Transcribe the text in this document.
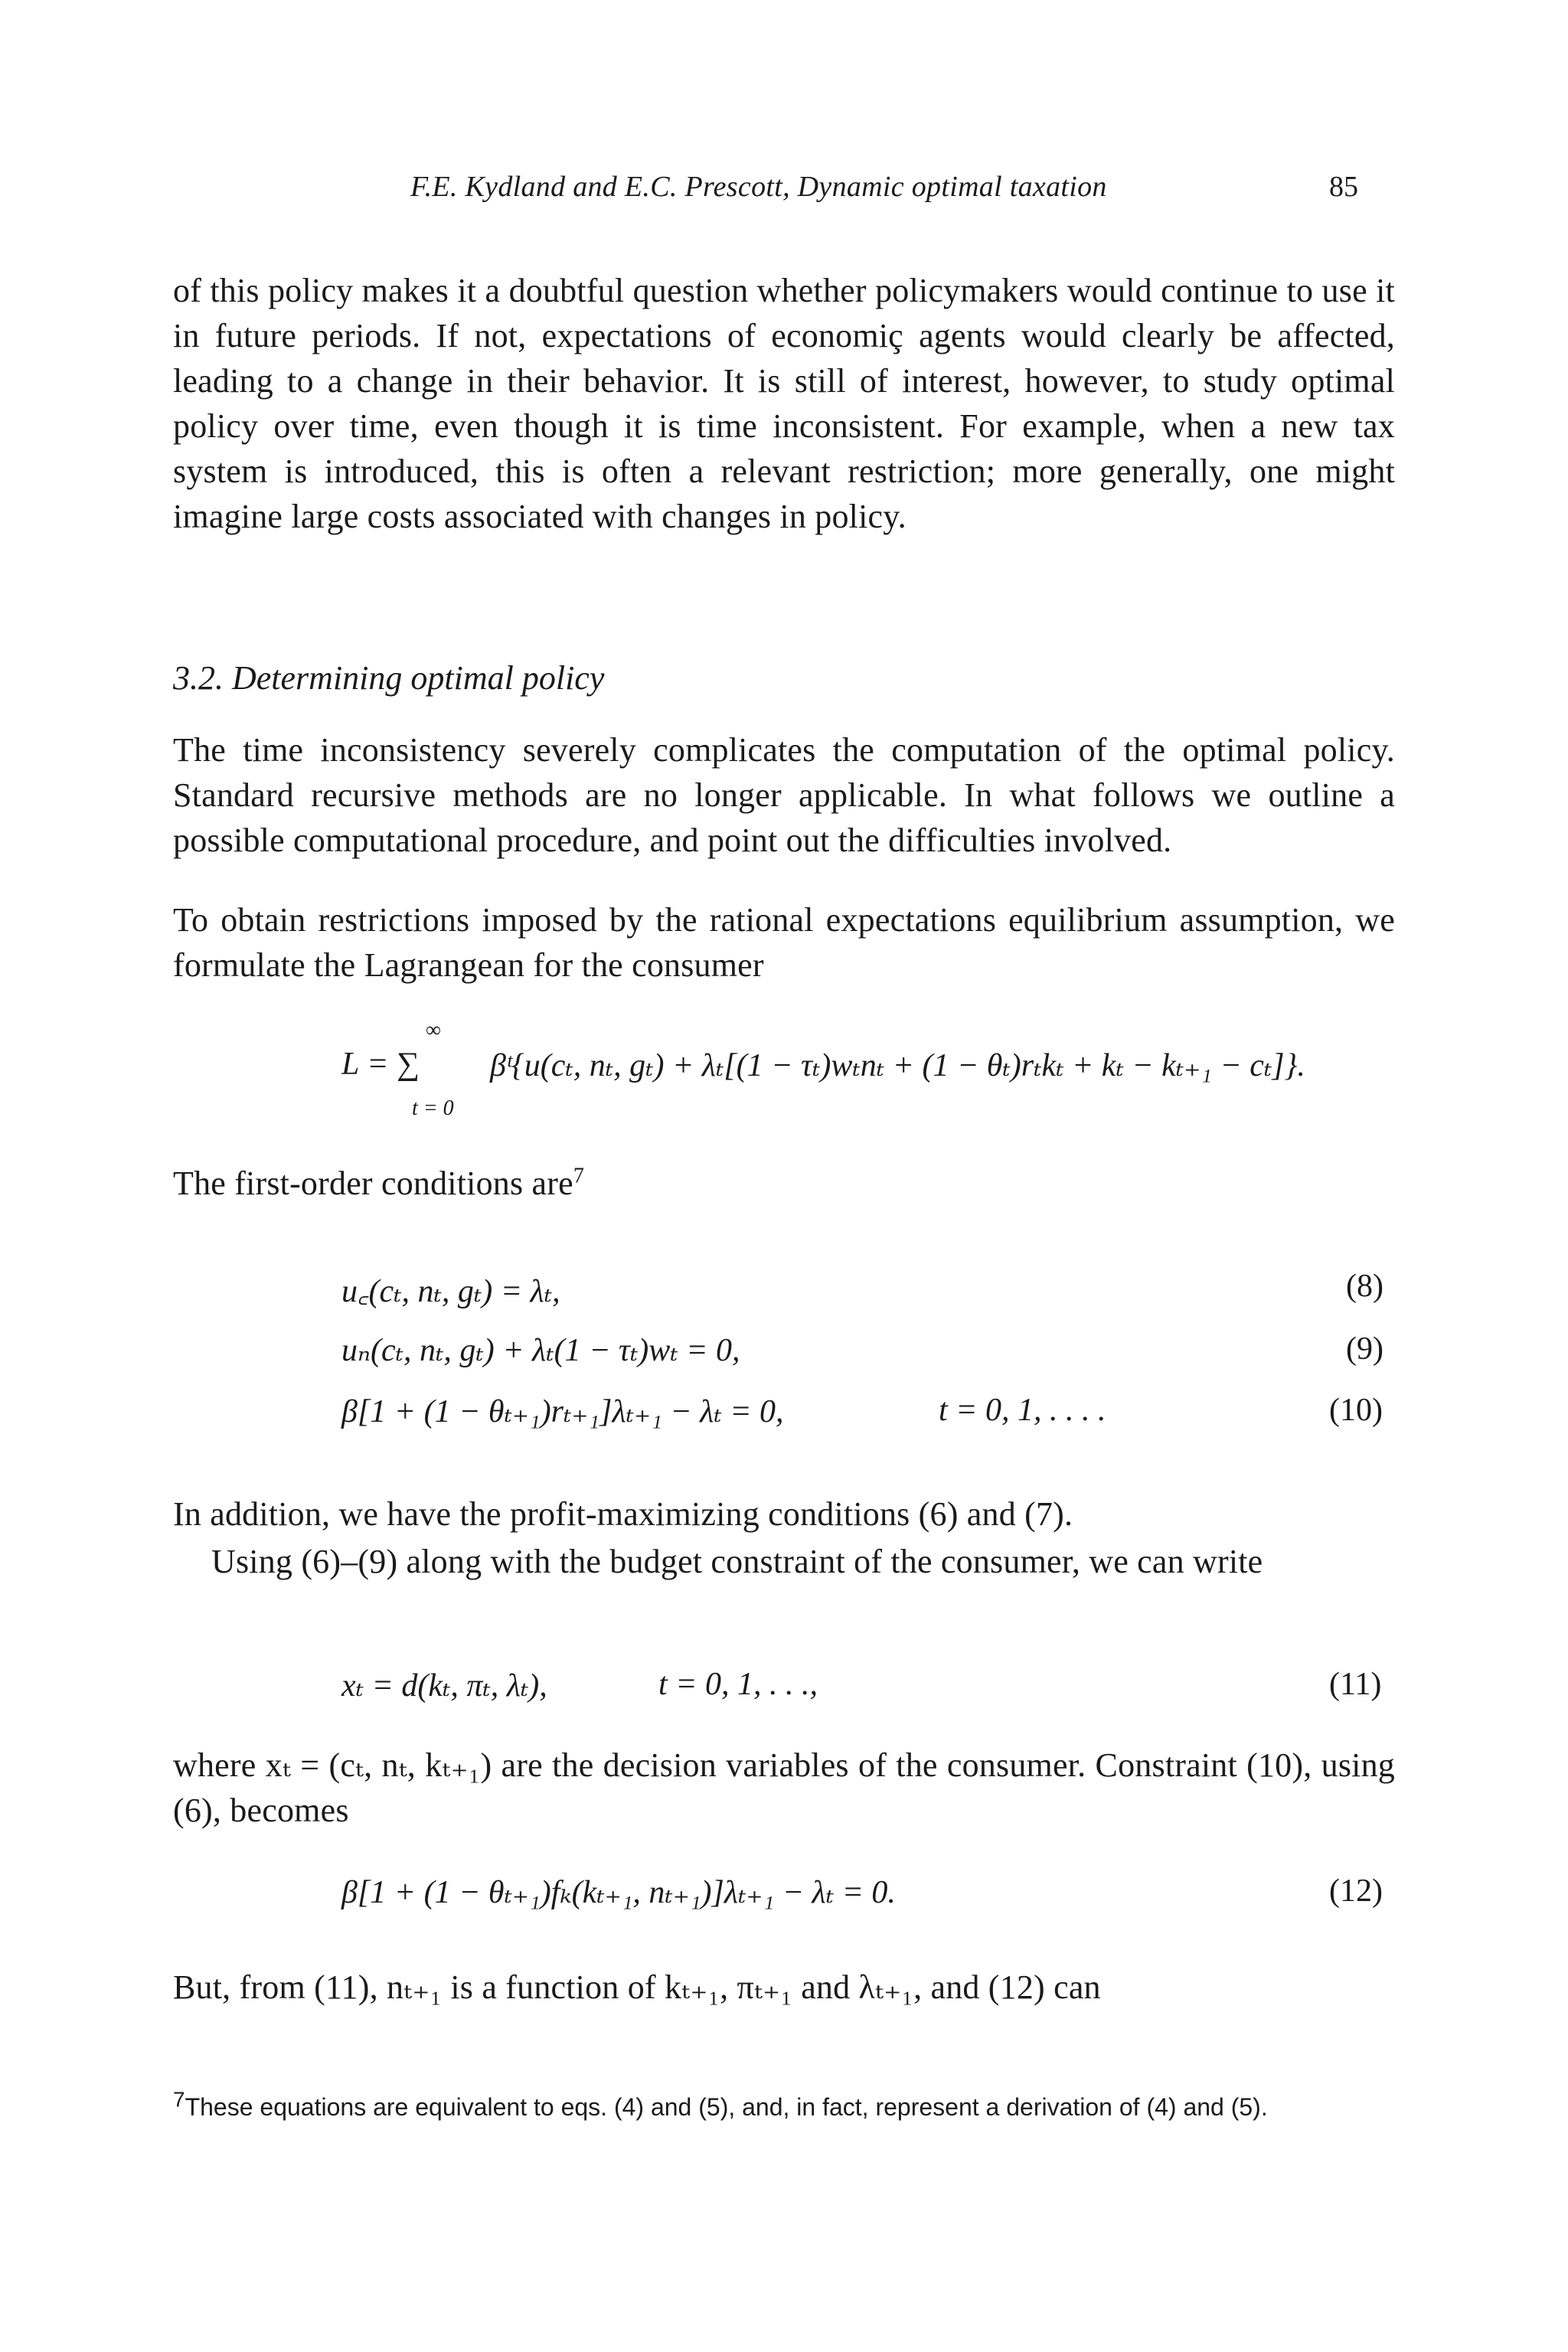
F.E. Kydland and E.C. Prescott, Dynamic optimal taxation	85

of this policy makes it a doubtful question whether policymakers would continue to use it in future periods. If not, expectations of economiç agents would clearly be affected, leading to a change in their behavior. It is still of interest, however, to study optimal policy over time, even though it is time inconsistent. For example, when a new tax system is introduced, this is often a relevant restriction; more generally, one might imagine large costs associated with changes in policy.

3.2. Determining optimal policy

The time inconsistency severely complicates the computation of the optimal policy. Standard recursive methods are no longer applicable. In what follows we outline a possible computational procedure, and point out the difficulties involved.

To obtain restrictions imposed by the rational expectations equilibrium assumption, we formulate the Lagrangean for the consumer

∞
L = ∑ βᵗ{u(cₜ, nₜ, gₜ) + λₜ[(1 − τₜ)wₜnₜ + (1 − θₜ)rₜkₜ + kₜ − kₜ₊₁ − cₜ]}.
t = 0

The first-order conditions are$^7$

u꜀(cₜ, nₜ, gₜ) = λₜ,	(8)
uₙ(cₜ, nₜ, gₜ) + λₜ(1 − τₜ)wₜ = 0,	(9)
β[1 + (1 − θₜ₊₁)rₜ₊₁]λₜ₊₁ − λₜ = 0,	t = 0, 1, . . . .	(10)

In addition, we have the profit-maximizing conditions (6) and (7).

Using (6)–(9) along with the budget constraint of the consumer, we can write

xₜ = d(kₜ, πₜ, λₜ),	t = 0, 1, . . .,	(11)

where xₜ = (cₜ, nₜ, kₜ₊₁) are the decision variables of the consumer. Constraint (10), using (6), becomes

β[1 + (1 − θₜ₊₁)fₖ(kₜ₊₁, nₜ₊₁)]λₜ₊₁ − λₜ = 0.	(12)

But, from (11), nₜ₊₁ is a function of kₜ₊₁, πₜ₊₁ and λₜ₊₁, and (12) can

7These equations are equivalent to eqs. (4) and (5), and, in fact, represent a derivation of (4) and (5).
